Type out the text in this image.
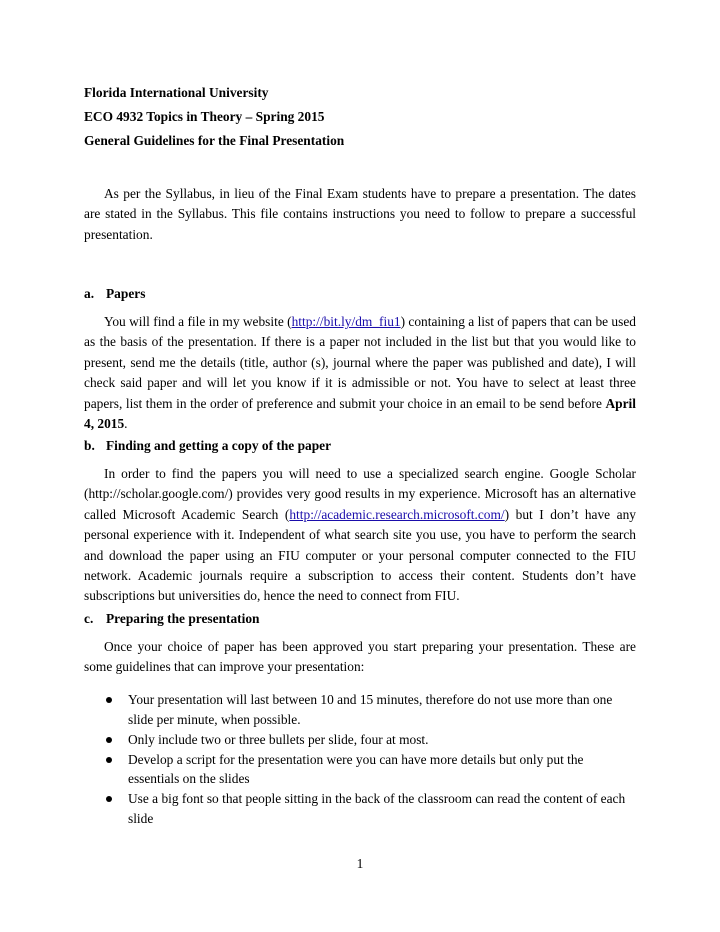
Florida International University
ECO 4932 Topics in Theory – Spring 2015
General Guidelines for the Final Presentation

As per the Syllabus, in lieu of the Final Exam students have to prepare a presentation. The dates are stated in the Syllabus. This file contains instructions you need to follow to prepare a successful presentation.

a. Papers

You will find a file in my website (http://bit.ly/dm_fiu1) containing a list of papers that can be used as the basis of the presentation. If there is a paper not included in the list but that you would like to present, send me the details (title, author (s), journal where the paper was published and date), I will check said paper and will let you know if it is admissible or not. You have to select at least three papers, list them in the order of preference and submit your choice in an email to be send before April 4, 2015.

b. Finding and getting a copy of the paper

In order to find the papers you will need to use a specialized search engine. Google Scholar (http://scholar.google.com/) provides very good results in my experience. Microsoft has an alternative called Microsoft Academic Search (http://academic.research.microsoft.com/) but I don’t have any personal experience with it. Independent of what search site you use, you have to perform the search and download the paper using an FIU computer or your personal computer connected to the FIU network. Academic journals require a subscription to access their content. Students don’t have subscriptions but universities do, hence the need to connect from FIU.

c. Preparing the presentation

Once your choice of paper has been approved you start preparing your presentation. These are some guidelines that can improve your presentation:

Your presentation will last between 10 and 15 minutes, therefore do not use more than one slide per minute, when possible.
Only include two or three bullets per slide, four at most.
Develop a script for the presentation were you can have more details but only put the essentials on the slides
Use a big font so that people sitting in the back of the classroom can read the content of each slide
1
